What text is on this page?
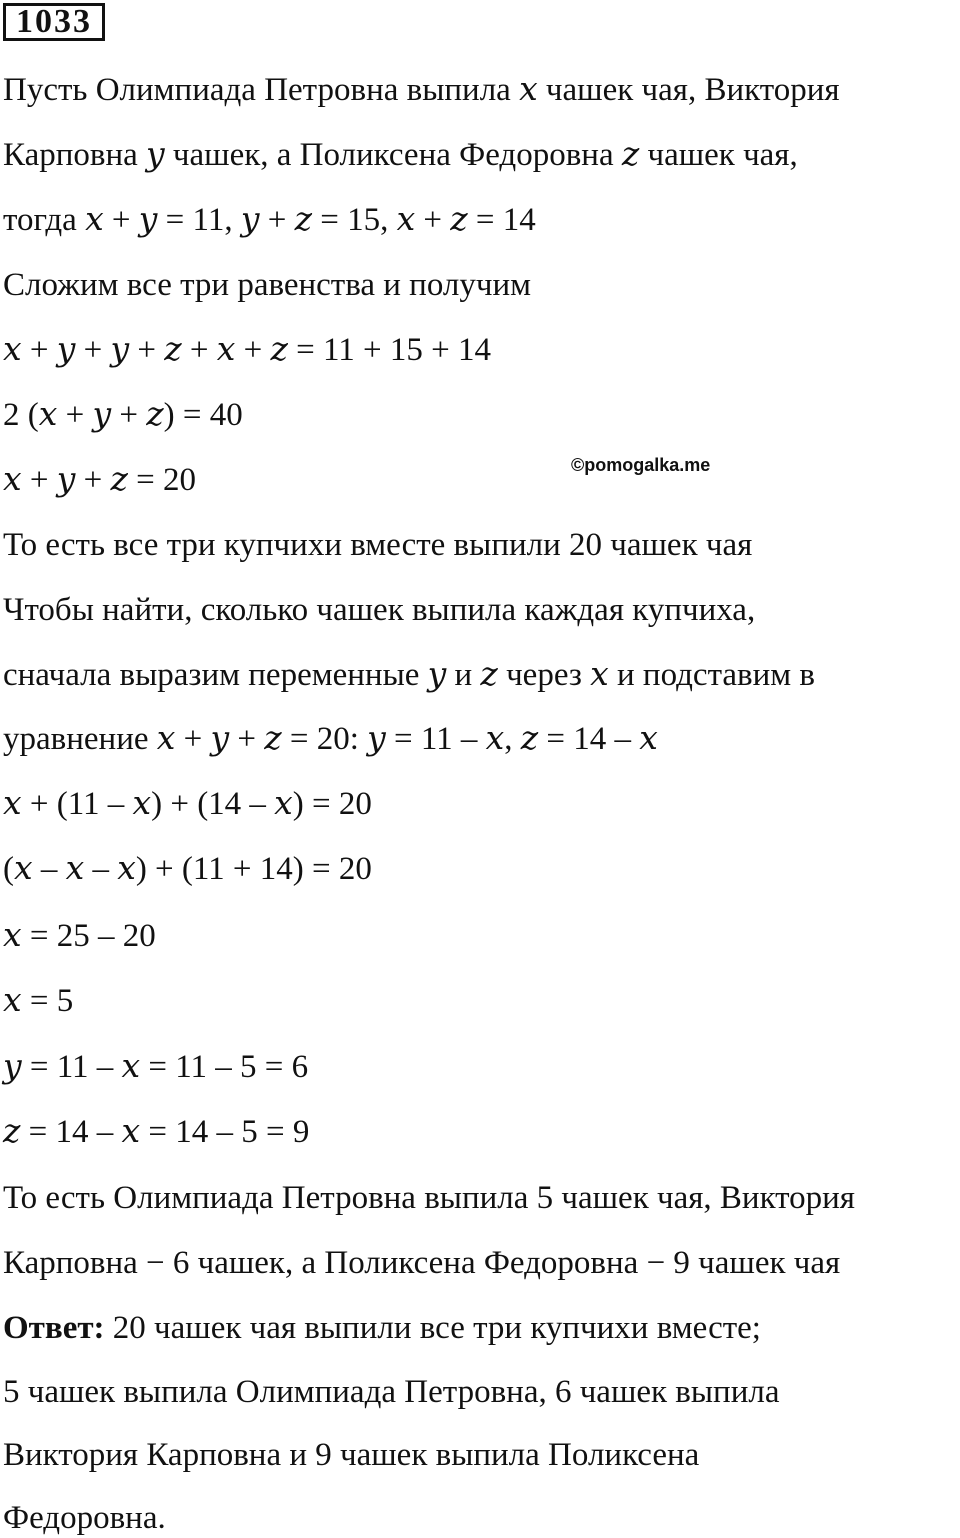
1033
Пусть Олимпиада Петровна выпила 𝑥 чашек чая, Виктория
Карповна 𝑦 чашек, а Поликсена Федоровна 𝑧 чашек чая,
тогда 𝑥 + 𝑦 = 11, 𝑦 + 𝑧 = 15, 𝑥 + 𝑧 = 14
Сложим все три равенства и получим
𝑥 + 𝑦 + 𝑦 + 𝑧 + 𝑥 + 𝑧 = 11 + 15 + 14
2 (𝑥 + 𝑦 + 𝑧) = 40
𝑥 + 𝑦 + 𝑧 = 20	©pomogalka.me
То есть все три купчихи вместе выпили 20 чашек чая
Чтобы найти, сколько чашек выпила каждая купчиха,
сначала выразим переменные 𝑦 и 𝑧 через 𝑥 и подставим в
уравнение 𝑥 + 𝑦 + 𝑧 = 20: 𝑦 = 11 – 𝑥, 𝑧 = 14 – 𝑥
𝑥 + (11 – 𝑥) + (14 – 𝑥) = 20
(𝑥 – 𝑥 – 𝑥) + (11 + 14) = 20
𝑥 = 25 – 20
𝑥 = 5
𝑦 = 11 – 𝑥 = 11 – 5 = 6
𝑧 = 14 – 𝑥 = 14 – 5 = 9
То есть Олимпиада Петровна выпила 5 чашек чая, Виктория
Карповна − 6 чашек, а Поликсена Федоровна − 9 чашек чая
Ответ: 20 чашек чая выпили все три купчихи вместе;
5 чашек выпила Олимпиада Петровна, 6 чашек выпила
Виктория Карповна и 9 чашек выпила Поликсена
Федоровна.
